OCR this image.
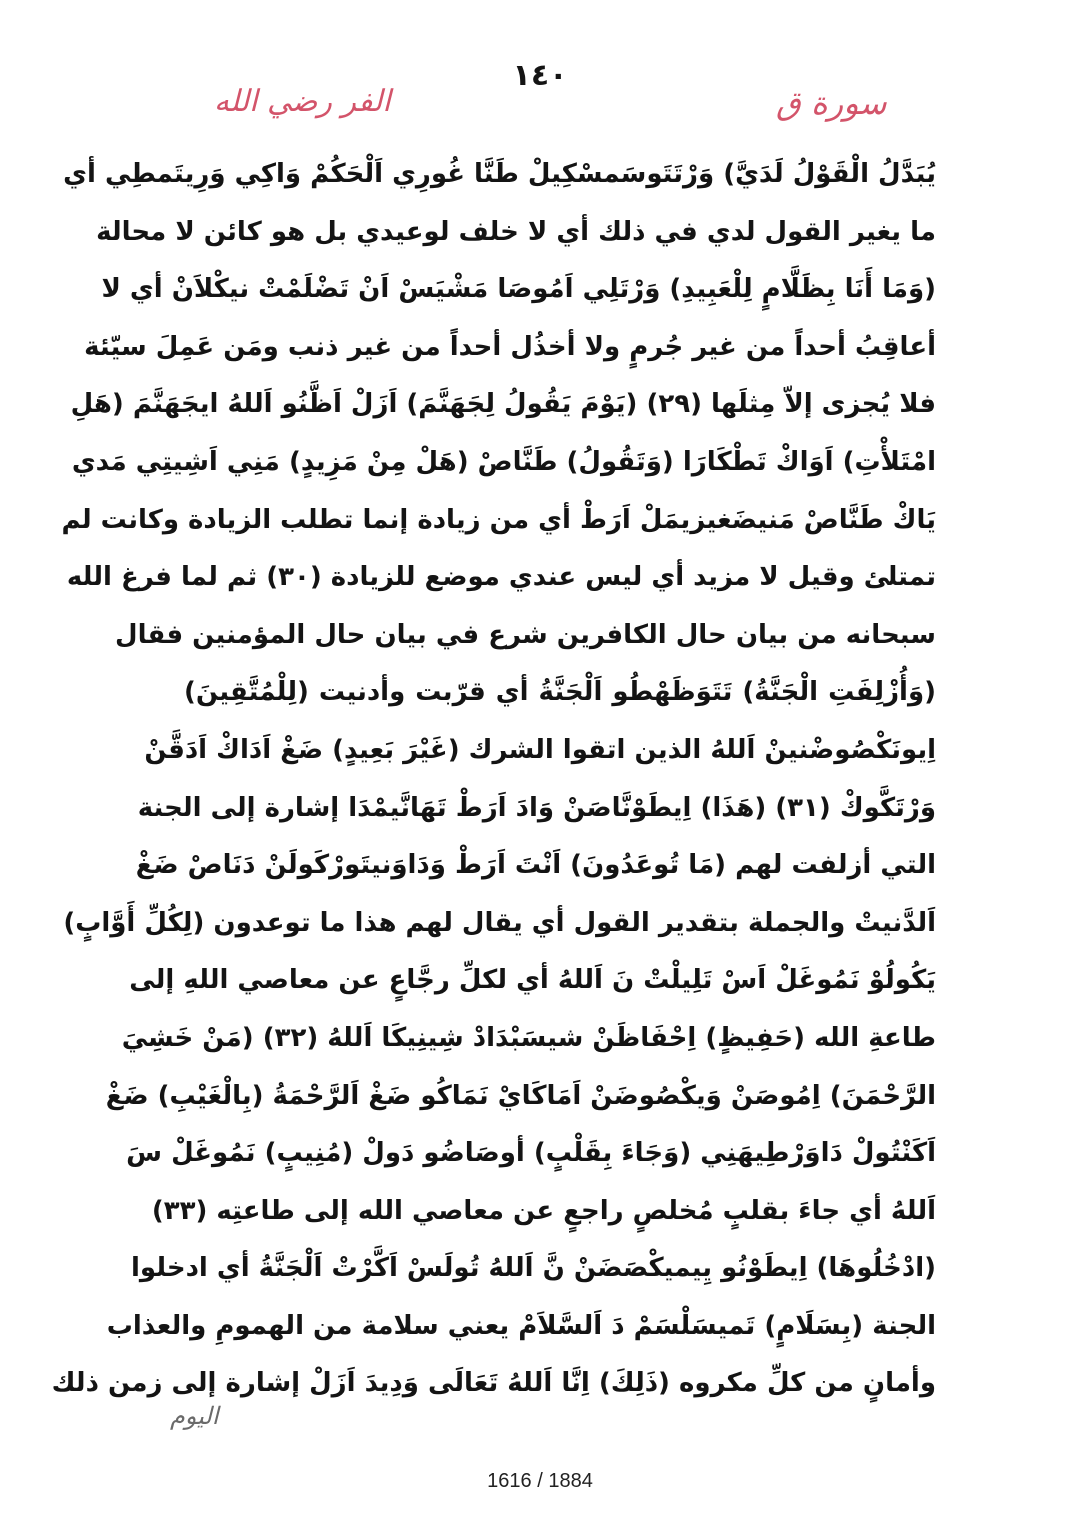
١٤٠
الفر رضي الله	سورة ق
يُبَدَّلُ الْقَوْلُ لَدَيَّ) وَرْتَتَوسَمسْكِيلْ طَنَّا غُورِي اَلْحَكُمْ وَاكِي وَرِيتَمطِي أي
ما يغير القول لدي في ذلك أي لا خلف لوعيدي بل هو كائن لا محالة
(وَمَا أَنَا بِظَلَّامٍ لِلْعَبِيدِ) وَرْتَلِي اَمُوصَا مَشْيَسْ اَنْ تَضْلَمْتْ نيكْلاَنْ أي لا
أعاقِبُ أحداً من غير جُرمٍ ولا أخذُل أحداً من غير ذنب ومَن عَمِلَ سيّئة
فلا يُجزى إلاّ مِثلَها (٢٩) (يَوْمَ يَقُولُ لِجَهَنَّمَ) اَزَلْ اَظَّنُو اَللهُ ايجَهَنَّمَ (هَلِ
امْتَلأْتِ) اَوَاكْ تَطْكَارَا (وَتَقُولُ) طَنَّاصْ (هَلْ مِنْ مَزِيدٍ) مَنِي اَشِيتِي مَدي
يَاكْ طَنَّاصْ مَنيضَغيزيمَلْ اَرَطْ أي من زيادة إنما تطلب الزيادة وكانت لم
تمتلئ وقيل لا مزيد أي ليس عندي موضع للزيادة (٣٠) ثم لما فرغ الله
سبحانه من بيان حال الكافرين شرع في بيان حال المؤمنين فقال
(وَأُزْلِفَتِ الْجَنَّةُ) تَتَوَظَهْطُو اَلْجَنَّةُ أي قرّبت وأدنيت (لِلْمُتَّقِينَ)
اِيونَكْصُوضْنينْ اَللهُ الذين اتقوا الشرك (غَيْرَ بَعِيدٍ) ضَغْ اَدَاكْ اَدَقَّنْ
وَرْتَكَّوكْ (٣١) (هَذَا) اِيطَوْنَّاصَنْ وَادَ اَرَطْ تَهَانَّيمْدَا إشارة إلى الجنة
التي أزلفت لهم (مَا تُوعَدُونَ) اَنْتَ اَرَطْ وَدَاوَنيتَورْكَولَنْ دَنَاصْ ضَغْ
اَلدَّنيتْ والجملة بتقدير القول أي يقال لهم هذا ما توعدون (لِكُلِّ أَوَّابٍ)
يَكُولُوْ نَمُوغَلْ اَسْ تَلِيلْتْ نَ اَللهُ أي لكلِّ رجَّاعٍ عن معاصي اللهِ إلى
طاعةِ الله (حَفِيظٍ) اِحْفَاظَنْ شيسَبْدَادْ شِينِيكَا اَللهُ (٣٢) (مَنْ خَشِيَ
الرَّحْمَنَ) اِمُوصَنْ وَيكْصُوضَنْ اَمَاكَايْ نَمَاكُو ضَغْ اَلرَّحْمَةُ (بِالْغَيْبِ) ضَغْ
اَكَنْتُولْ دَاوَرْطِيهَنِي (وَجَاءَ بِقَلْبٍ) أوصَاضُو دَولْ (مُنِيبٍ) نَمُوغَلْ سَ
اَللهُ أي جاءَ بقلبٍ مُخلصٍ راجعٍ عن معاصي الله إلى طاعتِه (٣٣)
(ادْخُلُوهَا) اِيطَوْنُو يِيميكْصَضَنْ نَّ اَللهُ تُولَسْ اَكَّرْتْ اَلْجَنَّةُ أي ادخلوا
الجنة (بِسَلَامٍ) تَميسَلْسَمْ دَ اَلسَّلاَمْ يعني سلامة من الهمومِ والعذاب
وأمانٍ من كلِّ مكروه (ذَلِكَ) اِنَّا اَللهُ تَعَالَى وَدِيدَ اَزَلْ إشارة إلى زمن ذلك
اليوم
1616 / 1884
